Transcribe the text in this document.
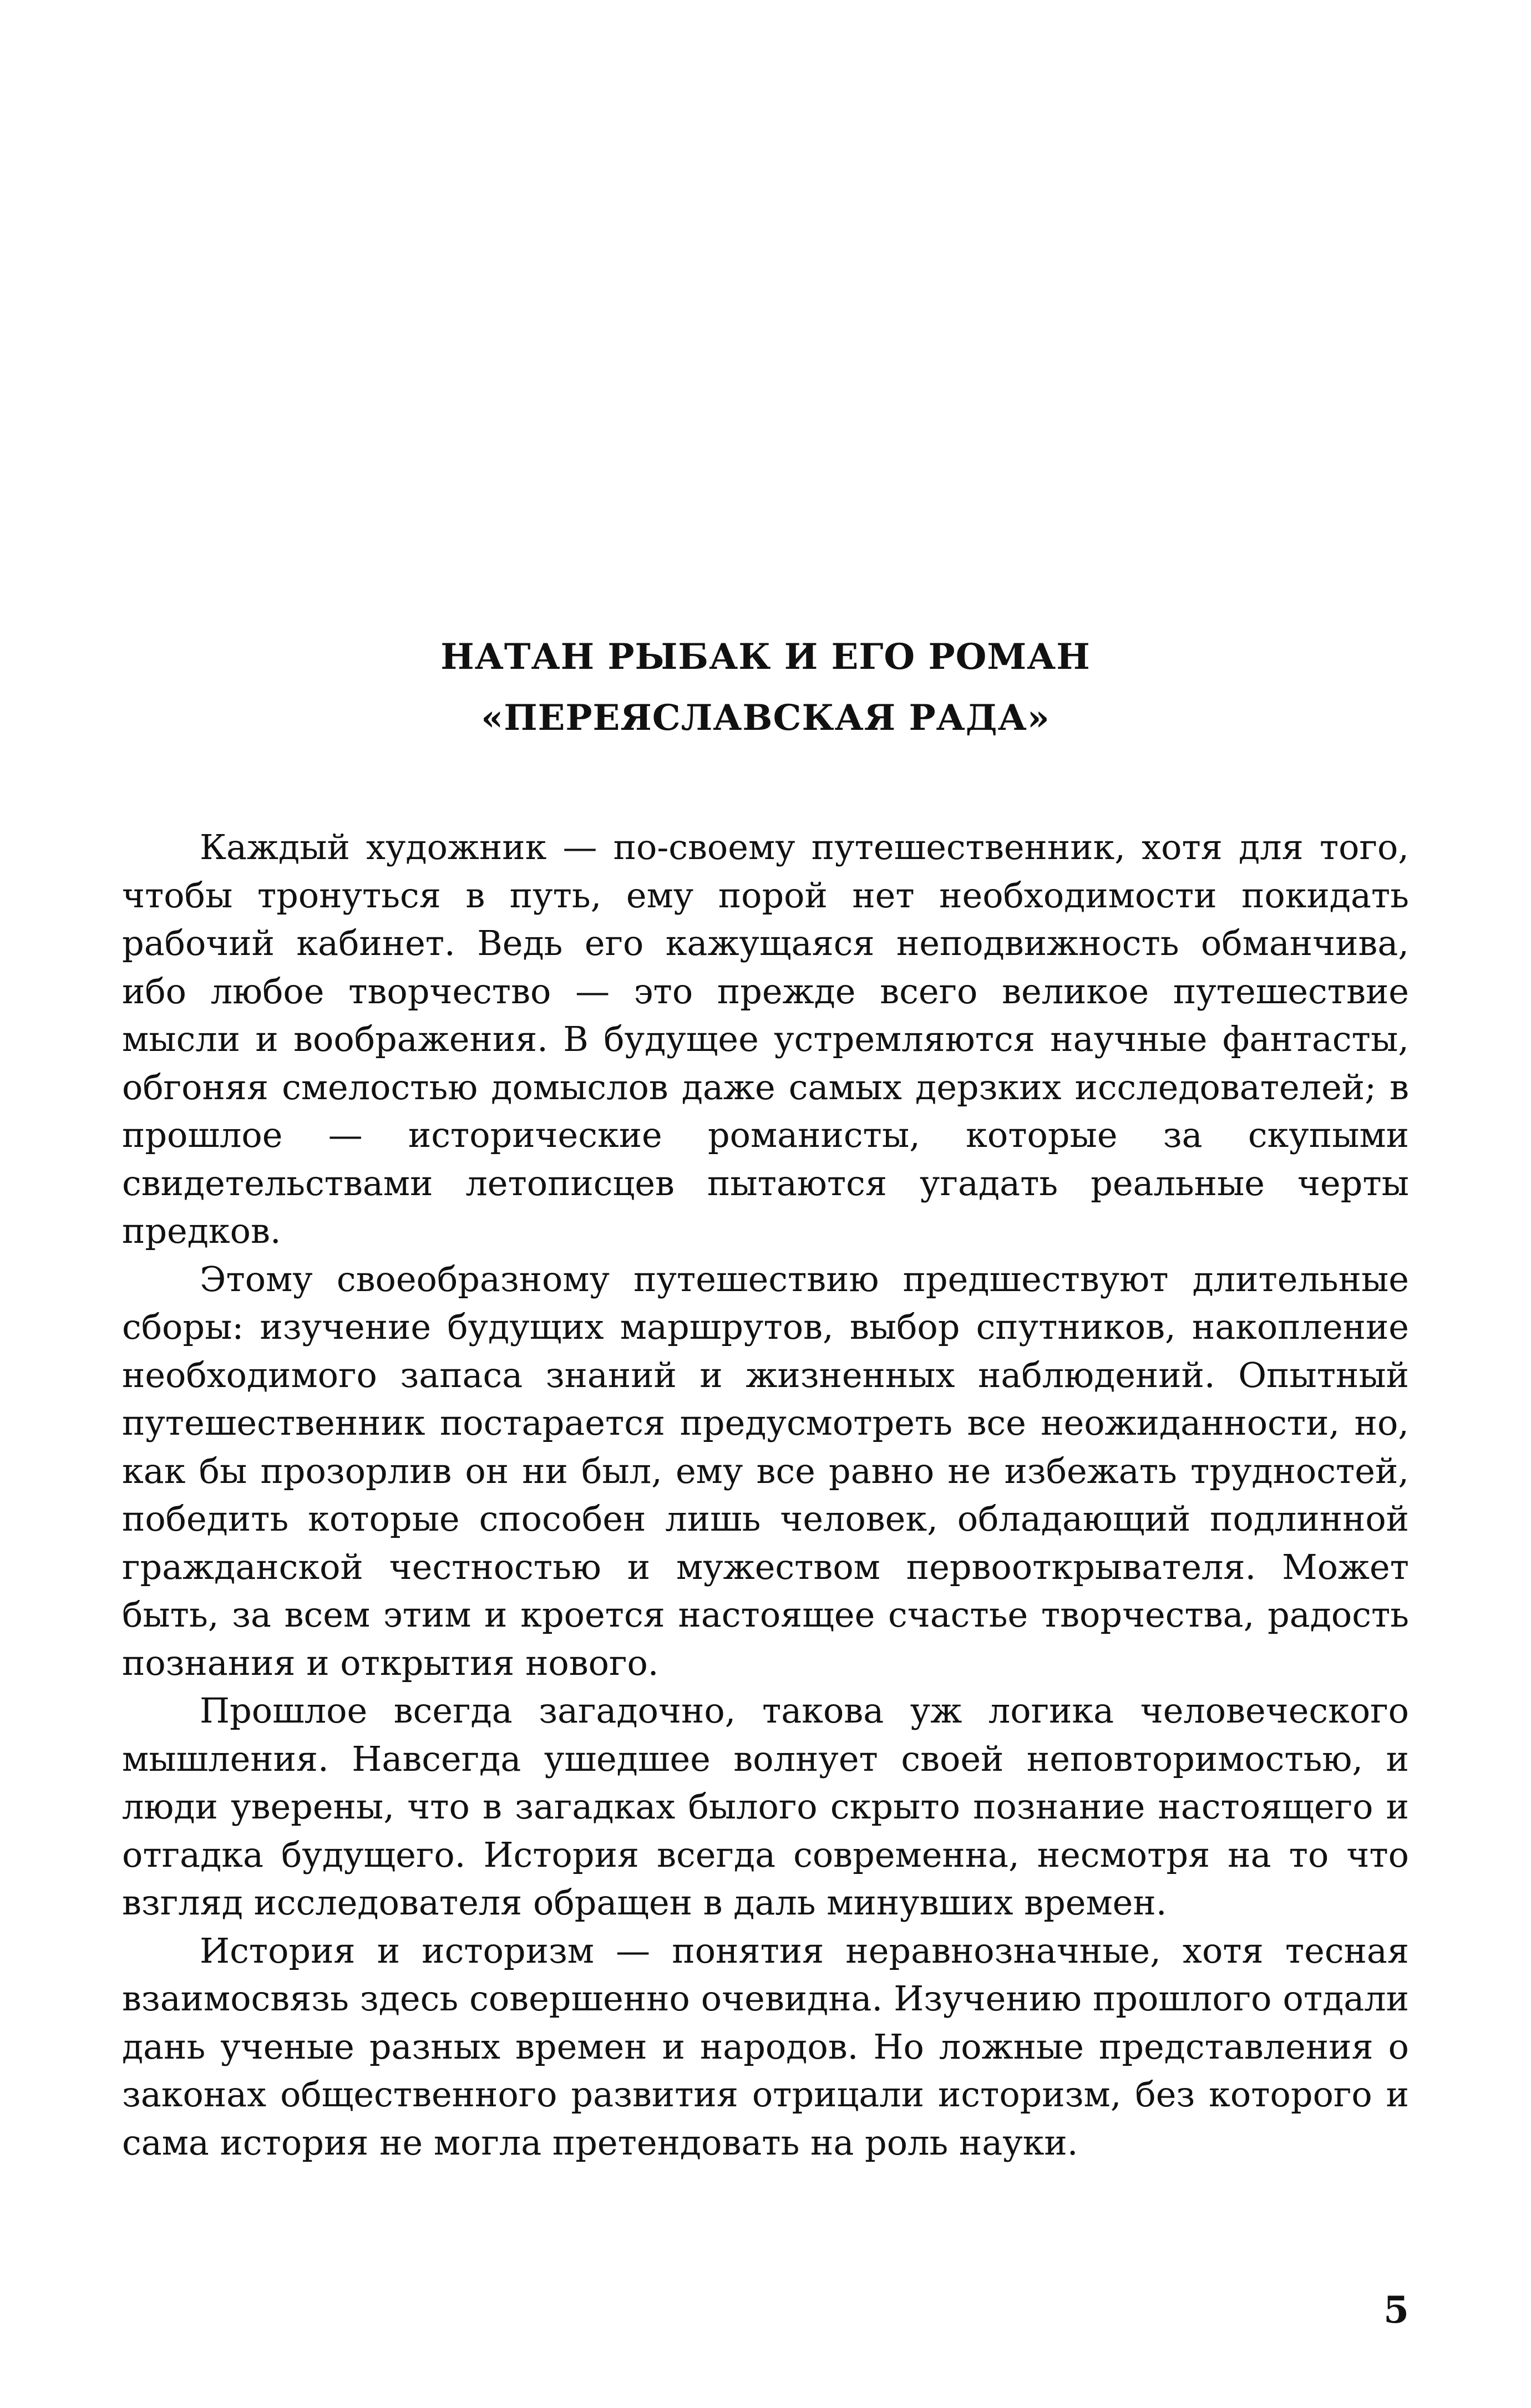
НАТАН РЫБАК И ЕГО РОМАН
«ПЕРЕЯСЛАВСКАЯ РАДА»

Каждый художник — по-своему путешественник, хотя для того, чтобы тронуться в путь, ему порой нет необходимости покидать рабочий кабинет. Ведь его кажущаяся неподвижность обманчива, ибо любое творчество — это прежде всего великое путешествие мысли и воображения. В будущее устремляются научные фантасты, обгоняя смелостью домыслов даже самых дерзких исследователей; в прошлое — исторические романисты, которые за скупыми свидетельствами летописцев пытаются угадать реальные черты предков.

Этому своеобразному путешествию предшествуют длительные сборы: изучение будущих маршрутов, выбор спутников, накопление необходимого запаса знаний и жизненных наблюдений. Опытный путешественник постарается предусмотреть все неожиданности, но, как бы прозорлив он ни был, ему все равно не избежать трудностей, победить которые способен лишь человек, обладающий подлинной гражданской честностью и мужеством первооткрывателя. Может быть, за всем этим и кроется настоящее счастье творчества, радость познания и открытия нового.

Прошлое всегда загадочно, такова уж логика человеческого мышления. Навсегда ушедшее волнует своей неповторимостью, и люди уверены, что в загадках былого скрыто познание настоящего и отгадка будущего. История всегда современна, несмотря на то что взгляд исследователя обращен в даль минувших времен.

История и историзм — понятия неравнозначные, хотя тесная взаимосвязь здесь совершенно очевидна. Изучению прошлого отдали дань ученые разных времен и народов. Но ложные представления о законах общественного развития отрицали историзм, без которого и сама история не могла претендовать на роль науки.

5
